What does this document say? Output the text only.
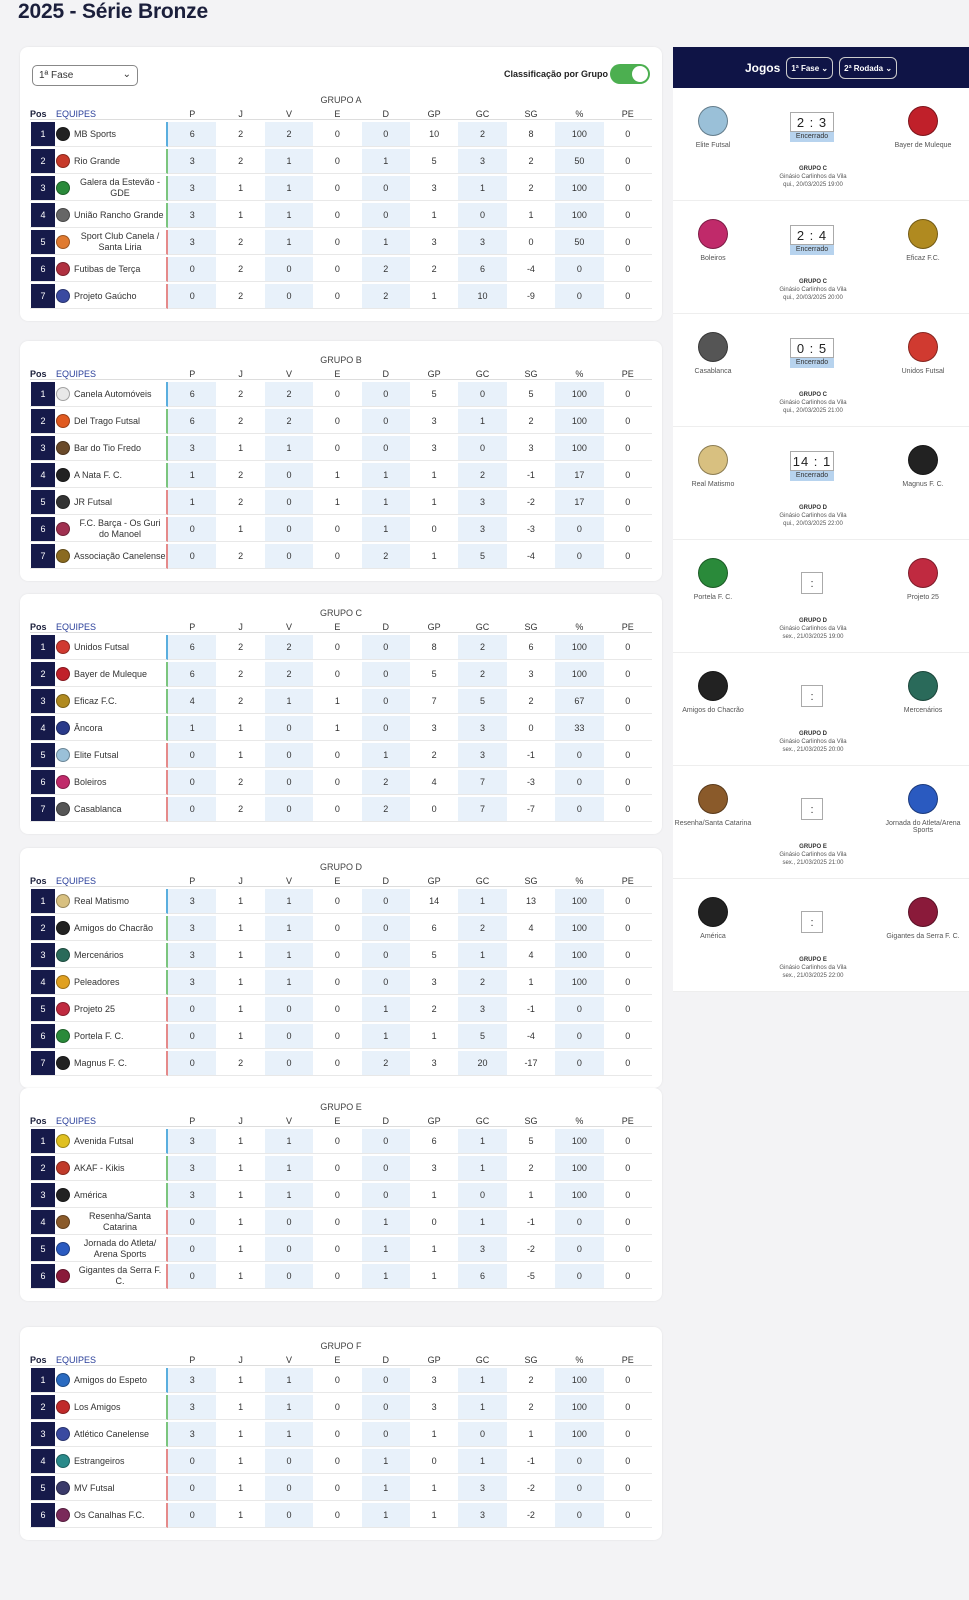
2025 - Série Bronze
1ª Fase	⌄	Classificação por Grupo
GRUPO A
Pos	EQUIPES	P	J	V	E	D	GP	GC	SG	%	PE
1	MB Sports	6	2	2	0	0	10	2	8	100	0
2	Rio Grande	3	2	1	0	1	5	3	2	50	0
3	Galera da Estevão - GDE	3	1	1	0	0	3	1	2	100	0
4	União Rancho Grande	3	1	1	0	0	1	0	1	100	0
5	Sport Club Canela / Santa Liria	3	2	1	0	1	3	3	0	50	0
6	Futibas de Terça	0	2	0	0	2	2	6	-4	0	0
7	Projeto Gaúcho	0	2	0	0	2	1	10	-9	0	0
GRUPO B
Pos	EQUIPES	P	J	V	E	D	GP	GC	SG	%	PE
1	Canela Automóveis	6	2	2	0	0	5	0	5	100	0
2	Del Trago Futsal	6	2	2	0	0	3	1	2	100	0
3	Bar do Tio Fredo	3	1	1	0	0	3	0	3	100	0
4	A Nata F. C.	1	2	0	1	1	1	2	-1	17	0
5	JR Futsal	1	2	0	1	1	1	3	-2	17	0
6	F.C. Barça - Os Guri do Manoel	0	1	0	0	1	0	3	-3	0	0
7	Associação Canelense	0	2	0	0	2	1	5	-4	0	0
GRUPO C
Pos	EQUIPES	P	J	V	E	D	GP	GC	SG	%	PE
1	Unidos Futsal	6	2	2	0	0	8	2	6	100	0
2	Bayer de Muleque	6	2	2	0	0	5	2	3	100	0
3	Eficaz F.C.	4	2	1	1	0	7	5	2	67	0
4	Âncora	1	1	0	1	0	3	3	0	33	0
5	Elite Futsal	0	1	0	0	1	2	3	-1	0	0
6	Boleiros	0	2	0	0	2	4	7	-3	0	0
7	Casablanca	0	2	0	0	2	0	7	-7	0	0
GRUPO D
Pos	EQUIPES	P	J	V	E	D	GP	GC	SG	%	PE
1	Real Matismo	3	1	1	0	0	14	1	13	100	0
2	Amigos do Chacrão	3	1	1	0	0	6	2	4	100	0
3	Mercenários	3	1	1	0	0	5	1	4	100	0
4	Peleadores	3	1	1	0	0	3	2	1	100	0
5	Projeto 25	0	1	0	0	1	2	3	-1	0	0
6	Portela F. C.	0	1	0	0	1	1	5	-4	0	0
7	Magnus F. C.	0	2	0	0	2	3	20	-17	0	0
GRUPO E
Pos	EQUIPES	P	J	V	E	D	GP	GC	SG	%	PE
1	Avenida Futsal	3	1	1	0	0	6	1	5	100	0
2	AKAF - Kikis	3	1	1	0	0	3	1	2	100	0
3	América	3	1	1	0	0	1	0	1	100	0
4	Resenha/Santa Catarina	0	1	0	0	1	0	1	-1	0	0
5	Jornada do Atleta/ Arena Sports	0	1	0	0	1	1	3	-2	0	0
6	Gigantes da Serra F. C.	0	1	0	0	1	1	6	-5	0	0
GRUPO F
Pos	EQUIPES	P	J	V	E	D	GP	GC	SG	%	PE
1	Amigos do Espeto	3	1	1	0	0	3	1	2	100	0
2	Los Amigos	3	1	1	0	0	3	1	2	100	0
3	Atlético Canelense	3	1	1	0	0	1	0	1	100	0
4	Estrangeiros	0	1	0	0	1	0	1	-1	0	0
5	MV Futsal	0	1	0	0	1	1	3	-2	0	0
6	Os Canalhas F.C.	0	1	0	0	1	1	3	-2	0	0
Jogos	1ª Fase ⌄	2ª Rodada ⌄
Elite Futsal
2 : 3
Encerrado
Bayer de Muleque
GRUPO C
Ginásio Carlinhos da Vila
qui., 20/03/2025 19:00
Boleiros
2 : 4
Encerrado
Eficaz F.C.
GRUPO C
Ginásio Carlinhos da Vila
qui., 20/03/2025 20:00
Casablanca
0 : 5
Encerrado
Unidos Futsal
GRUPO C
Ginásio Carlinhos da Vila
qui., 20/03/2025 21:00
Real Matismo
14 : 1
Encerrado
Magnus F. C.
GRUPO D
Ginásio Carlinhos da Vila
qui., 20/03/2025 22:00
Portela F. C.
:
Projeto 25
GRUPO D
Ginásio Carlinhos da Vila
sex., 21/03/2025 19:00
Amigos do Chacrão
:
Mercenários
GRUPO D
Ginásio Carlinhos da Vila
sex., 21/03/2025 20:00
Resenha/Santa Catarina
:
Jornada do Atleta/Arena Sports
GRUPO E
Ginásio Carlinhos da Vila
sex., 21/03/2025 21:00
América
:
Gigantes da Serra F. C.
GRUPO E
Ginásio Carlinhos da Vila
sex., 21/03/2025 22:00
